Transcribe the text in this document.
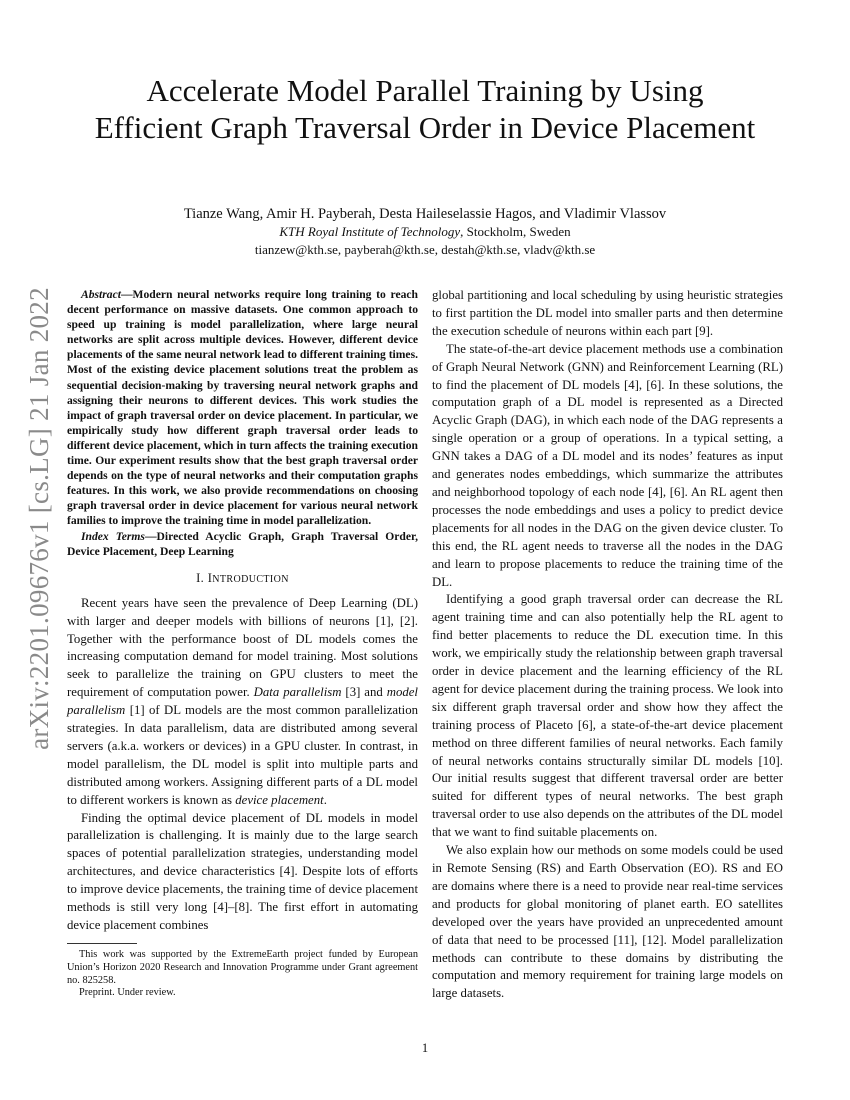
arXiv:2201.09676v1 [cs.LG] 21 Jan 2022
Accelerate Model Parallel Training by Using Efficient Graph Traversal Order in Device Placement
Tianze Wang, Amir H. Payberah, Desta Haileselassie Hagos, and Vladimir Vlassov
KTH Royal Institute of Technology, Stockholm, Sweden
tianzew@kth.se, payberah@kth.se, destah@kth.se, vladv@kth.se

Abstract—Modern neural networks require long training to reach decent performance on massive datasets. One common approach to speed up training is model parallelization, where large neural networks are split across multiple devices. However, different device placements of the same neural network lead to different training times. Most of the existing device placement solutions treat the problem as sequential decision-making by traversing neural network graphs and assigning their neurons to different devices. This work studies the impact of graph traversal order on device placement. In particular, we empirically study how different graph traversal order leads to different device placement, which in turn affects the training execution time. Our experiment results show that the best graph traversal order depends on the type of neural networks and their computation graphs features. In this work, we also provide recommendations on choosing graph traversal order in device placement for various neural network families to improve the training time in model parallelization.

Index Terms—Directed Acyclic Graph, Graph Traversal Order, Device Placement, Deep Learning

I. INTRODUCTION

Recent years have seen the prevalence of Deep Learning (DL) with larger and deeper models with billions of neurons [1], [2]. Together with the performance boost of DL models comes the increasing computation demand for model training. Most solutions seek to parallelize the training on GPU clusters to meet the requirement of computation power. Data parallelism [3] and model parallelism [1] of DL models are the most common parallelization strategies. In data parallelism, data are distributed among several servers (a.k.a. workers or devices) in a GPU cluster. In contrast, in model parallelism, the DL model is split into multiple parts and distributed among workers. Assigning different parts of a DL model to different workers is known as device placement.

Finding the optimal device placement of DL models in model parallelization is challenging. It is mainly due to the large search spaces of potential parallelization strategies, understanding model architectures, and device characteristics [4]. Despite lots of efforts to improve device placements, the training time of device placement methods is still very long [4]–[8]. The first effort in automating device placement combines

global partitioning and local scheduling by using heuristic strategies to first partition the DL model into smaller parts and then determine the execution schedule of neurons within each part [9].

The state-of-the-art device placement methods use a combination of Graph Neural Network (GNN) and Reinforcement Learning (RL) to find the placement of DL models [4], [6]. In these solutions, the computation graph of a DL model is represented as a Directed Acyclic Graph (DAG), in which each node of the DAG represents a single operation or a group of operations. In a typical setting, a GNN takes a DAG of a DL model and its nodes’ features as input and generates nodes embeddings, which summarize the attributes and neighborhood topology of each node [4], [6]. An RL agent then processes the node embeddings and uses a policy to predict device placements for all nodes in the DAG on the given device cluster. To this end, the RL agent needs to traverse all the nodes in the DAG and learn to propose placements to reduce the training time of the DL.

Identifying a good graph traversal order can decrease the RL agent training time and can also potentially help the RL agent to find better placements to reduce the DL execution time. In this work, we empirically study the relationship between graph traversal order in device placement and the learning efficiency of the RL agent for device placement during the training process. We look into six different graph traversal order and show how they affect the training process of Placeto [6], a state-of-the-art device placement method on three different families of neural networks. Each family of neural networks contains structurally similar DL models [10]. Our initial results suggest that different traversal order are better suited for different types of neural networks. The best graph traversal order to use also depends on the attributes of the DL model that we want to find suitable placements on.

We also explain how our methods on some models could be used in Remote Sensing (RS) and Earth Observation (EO). RS and EO are domains where there is a need to provide near real-time services and products for global monitoring of planet earth. EO satellites developed over the years have provided an unprecedented amount of data that need to be processed [11], [12]. Model parallelization methods can contribute to these domains by distributing the computation and memory requirement for training large models on large datasets.

This work was supported by the ExtremeEarth project funded by European Union’s Horizon 2020 Research and Innovation Programme under Grant agreement no. 825258.

Preprint. Under review.

1
